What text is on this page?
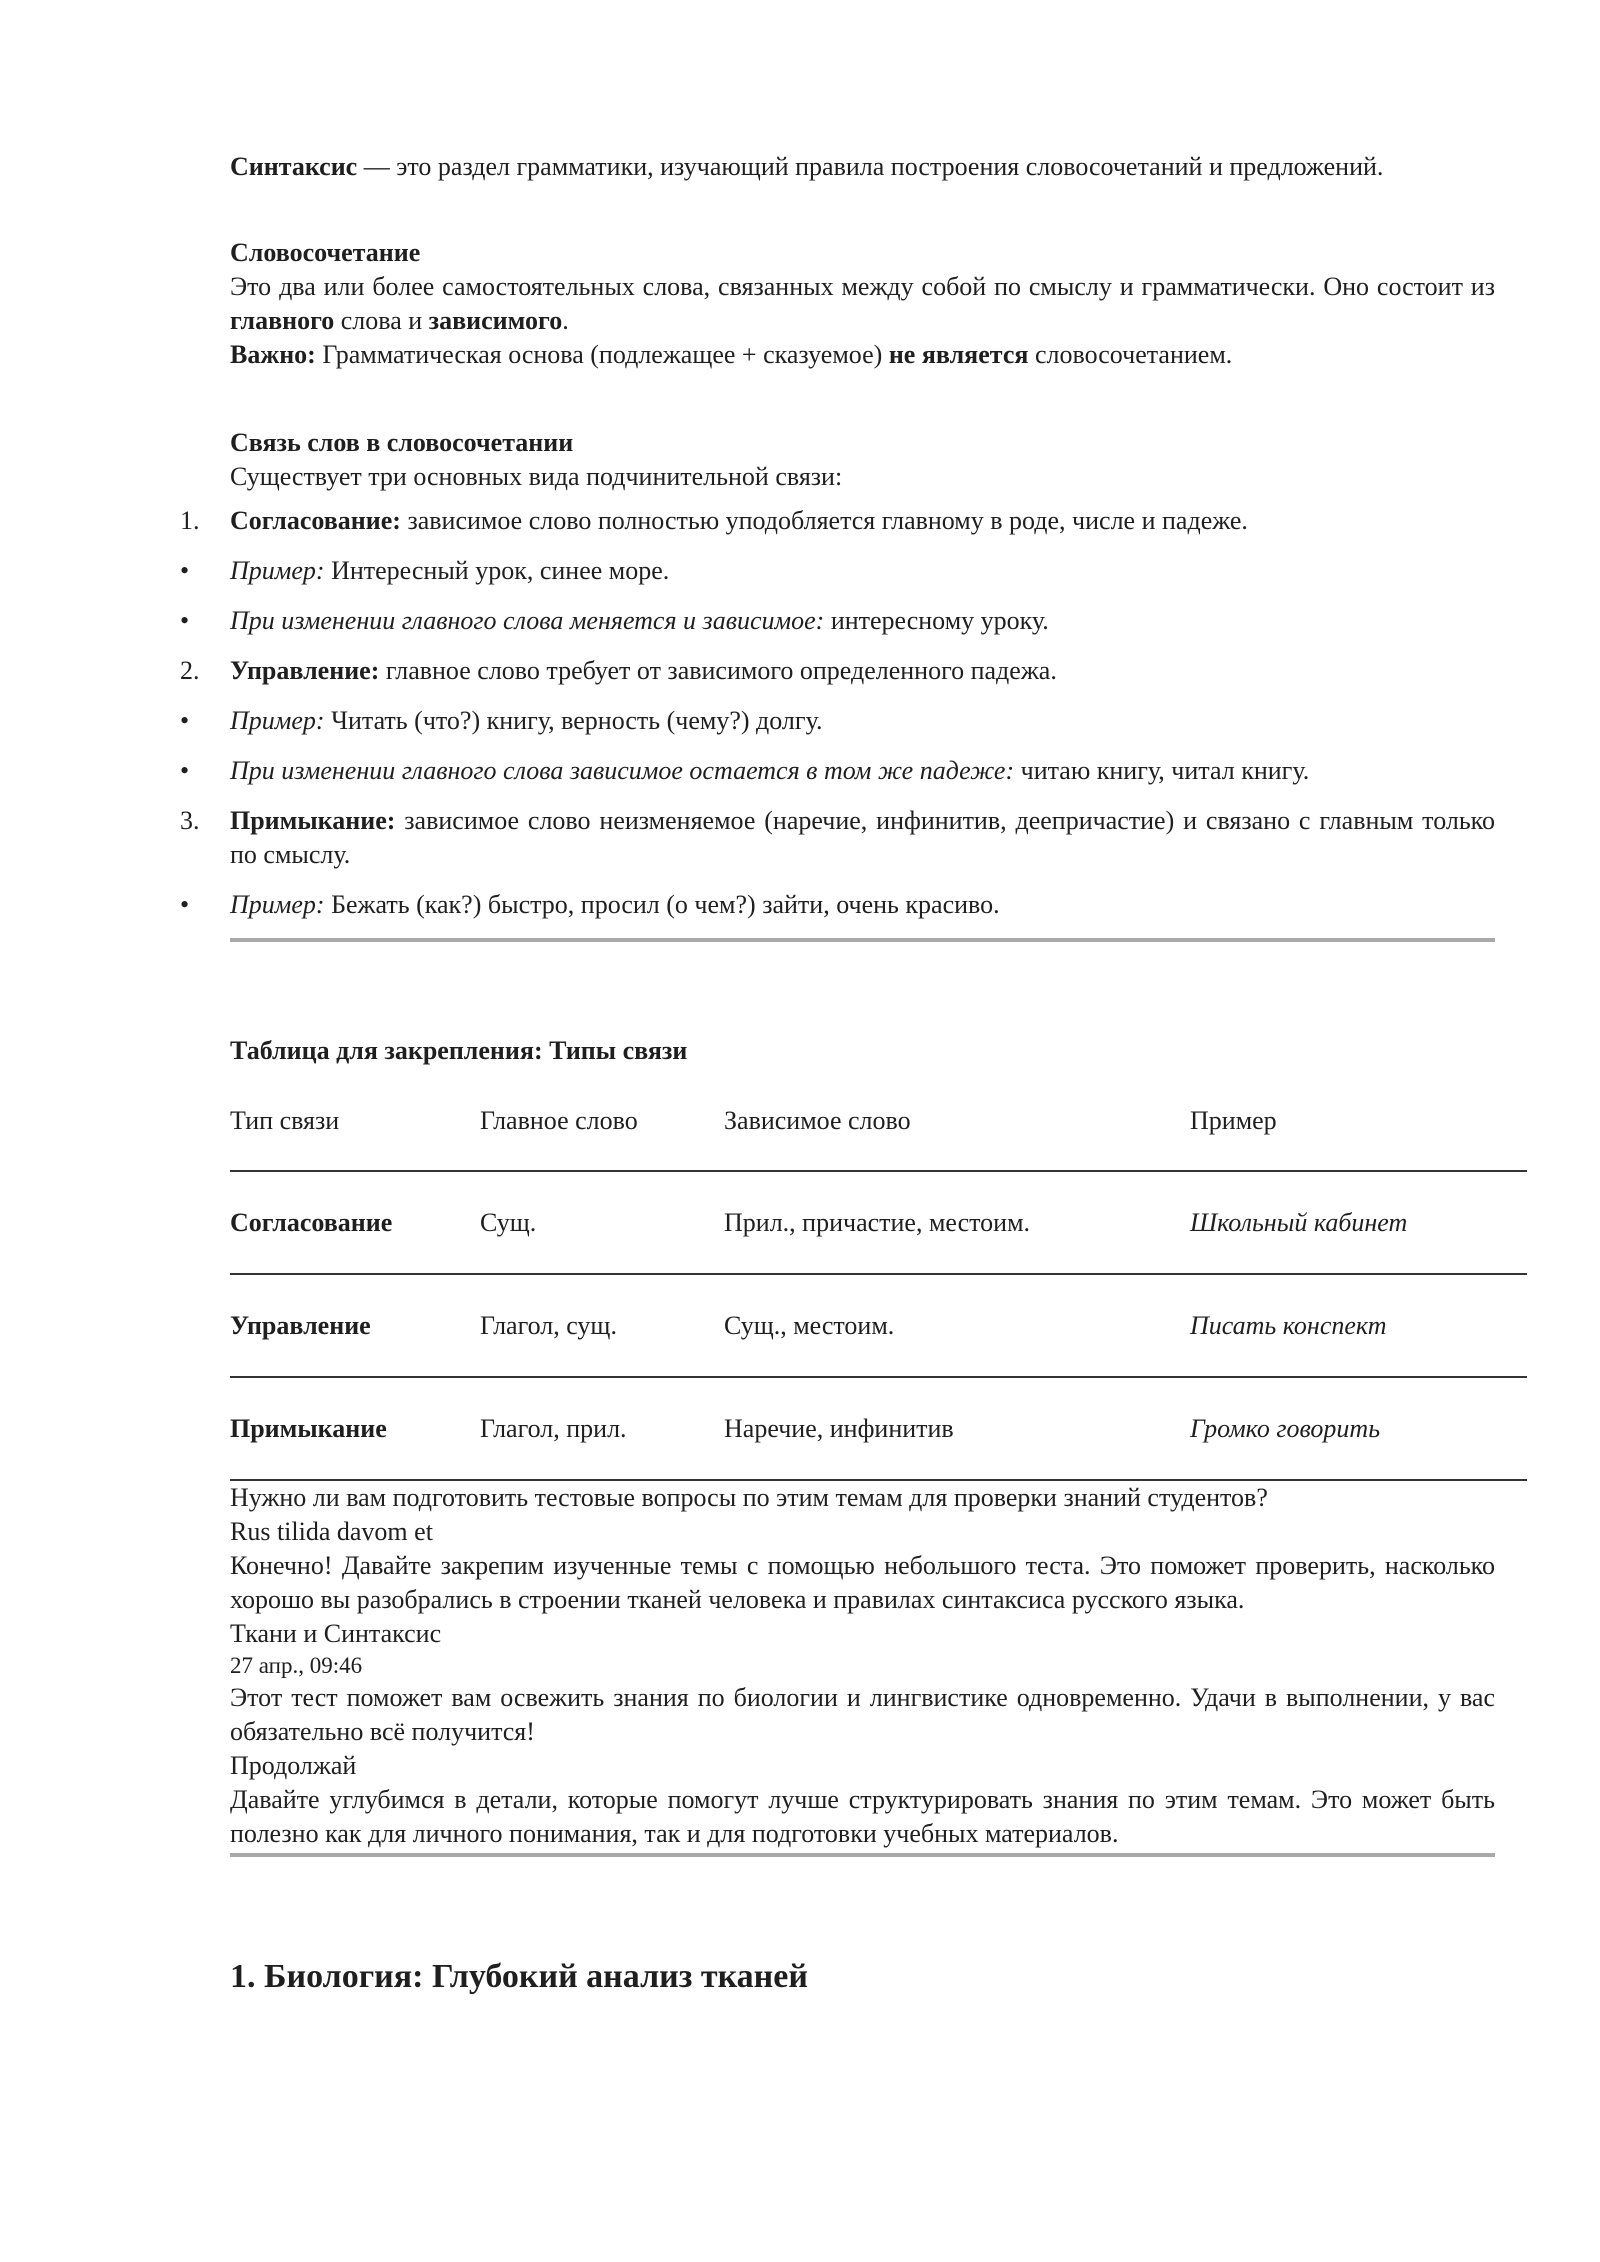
Синтаксис — это раздел грамматики, изучающий правила построения словосочетаний и предложений.

Словосочетание

Это два или более самостоятельных слова, связанных между собой по смыслу и грамматически. Оно состоит из главного слова и зависимого.

Важно: Грамматическая основа (подлежащее + сказуемое) не является словосочетанием.

Связь слов в словосочетании

Существует три основных вида подчинительной связи:

1.	Согласование: зависимое слово полностью уподобляется главному в роде, числе и падеже.
•	Пример: Интересный урок, синее море.
•	При изменении главного слова меняется и зависимое: интересному уроку.
2.	Управление: главное слово требует от зависимого определенного падежа.
•	Пример: Читать (что?) книгу, верность (чему?) долгу.
•	При изменении главного слова зависимое остается в том же падеже: читаю книгу, читал книгу.
3.	Примыкание: зависимое слово неизменяемое (наречие, инфинитив, деепричастие) и связано с главным только по смыслу.
•	Пример: Бежать (как?) быстро, просил (о чем?) зайти, очень красиво.

Таблица для закрепления: Типы связи

Тип связи	Главное слово	Зависимое слово	Пример
Согласование	Сущ.	Прил., причастие, местоим.	Школьный кабинет
Управление	Глагол, сущ.	Сущ., местоим.	Писать конспект
Примыкание	Глагол, прил.	Наречие, инфинитив	Громко говорить

Нужно ли вам подготовить тестовые вопросы по этим темам для проверки знаний студентов?

Rus tilida davom et

Конечно! Давайте закрепим изученные темы с помощью небольшого теста. Это поможет проверить, насколько хорошо вы разобрались в строении тканей человека и правилах синтаксиса русского языка.

Ткани и Синтаксис

27 апр., 09:46

Этот тест поможет вам освежить знания по биологии и лингвистике одновременно. Удачи в выполнении, у вас обязательно всё получится!

Продолжай

Давайте углубимся в детали, которые помогут лучше структурировать знания по этим темам. Это может быть полезно как для личного понимания, так и для подготовки учебных материалов.

1. Биология: Глубокий анализ тканей
